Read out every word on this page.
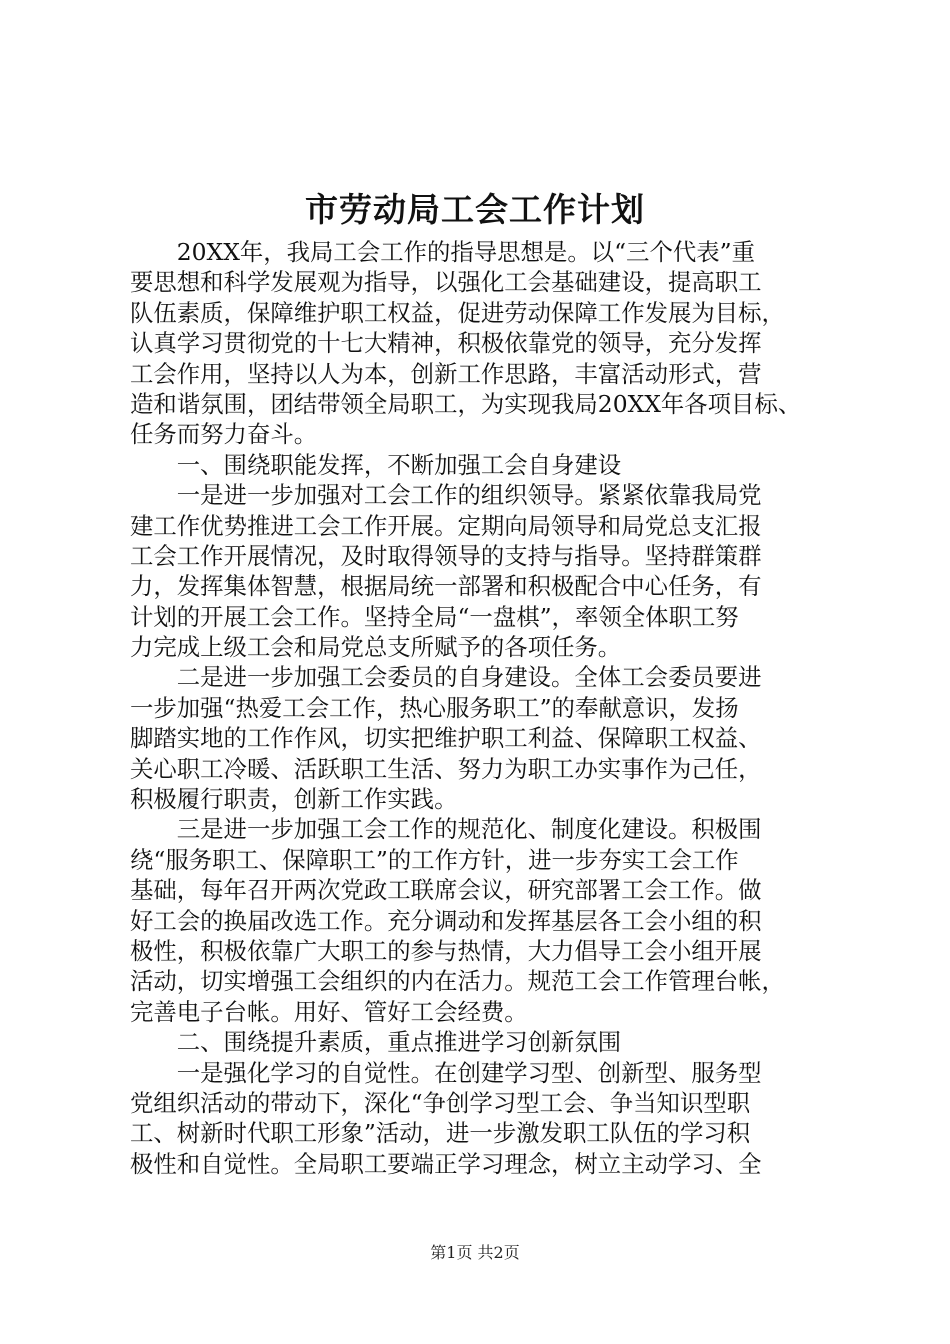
市劳动局工会工作计划
　　20XX年，我局工会工作的指导思想是。以“三个代表”重
要思想和科学发展观为指导，以强化工会基础建设，提高职工
队伍素质，保障维护职工权益，促进劳动保障工作发展为目标，
认真学习贯彻党的十七大精神，积极依靠党的领导，充分发挥
工会作用，坚持以人为本，创新工作思路，丰富活动形式，营
造和谐氛围，团结带领全局职工，为实现我局20XX年各项目标、
任务而努力奋斗。
　　一、围绕职能发挥，不断加强工会自身建设
　　一是进一步加强对工会工作的组织领导。紧紧依靠我局党
建工作优势推进工会工作开展。定期向局领导和局党总支汇报
工会工作开展情况，及时取得领导的支持与指导。坚持群策群
力，发挥集体智慧，根据局统一部署和积极配合中心任务，有
计划的开展工会工作。坚持全局“一盘棋”，率领全体职工努
力完成上级工会和局党总支所赋予的各项任务。
　　二是进一步加强工会委员的自身建设。全体工会委员要进
一步加强“热爱工会工作，热心服务职工”的奉献意识，发扬
脚踏实地的工作作风，切实把维护职工利益、保障职工权益、
关心职工冷暖、活跃职工生活、努力为职工办实事作为己任，
积极履行职责，创新工作实践。
　　三是进一步加强工会工作的规范化、制度化建设。积极围
绕“服务职工、保障职工”的工作方针，进一步夯实工会工作
基础，每年召开两次党政工联席会议，研究部署工会工作。做
好工会的换届改选工作。充分调动和发挥基层各工会小组的积
极性，积极依靠广大职工的参与热情，大力倡导工会小组开展
活动，切实增强工会组织的内在活力。规范工会工作管理台帐，
完善电子台帐。用好、管好工会经费。
　　二、围绕提升素质，重点推进学习创新氛围
　　一是强化学习的自觉性。在创建学习型、创新型、服务型
党组织活动的带动下，深化“争创学习型工会、争当知识型职
工、树新时代职工形象”活动，进一步激发职工队伍的学习积
极性和自觉性。全局职工要端正学习理念，树立主动学习、全
第1页 共2页
